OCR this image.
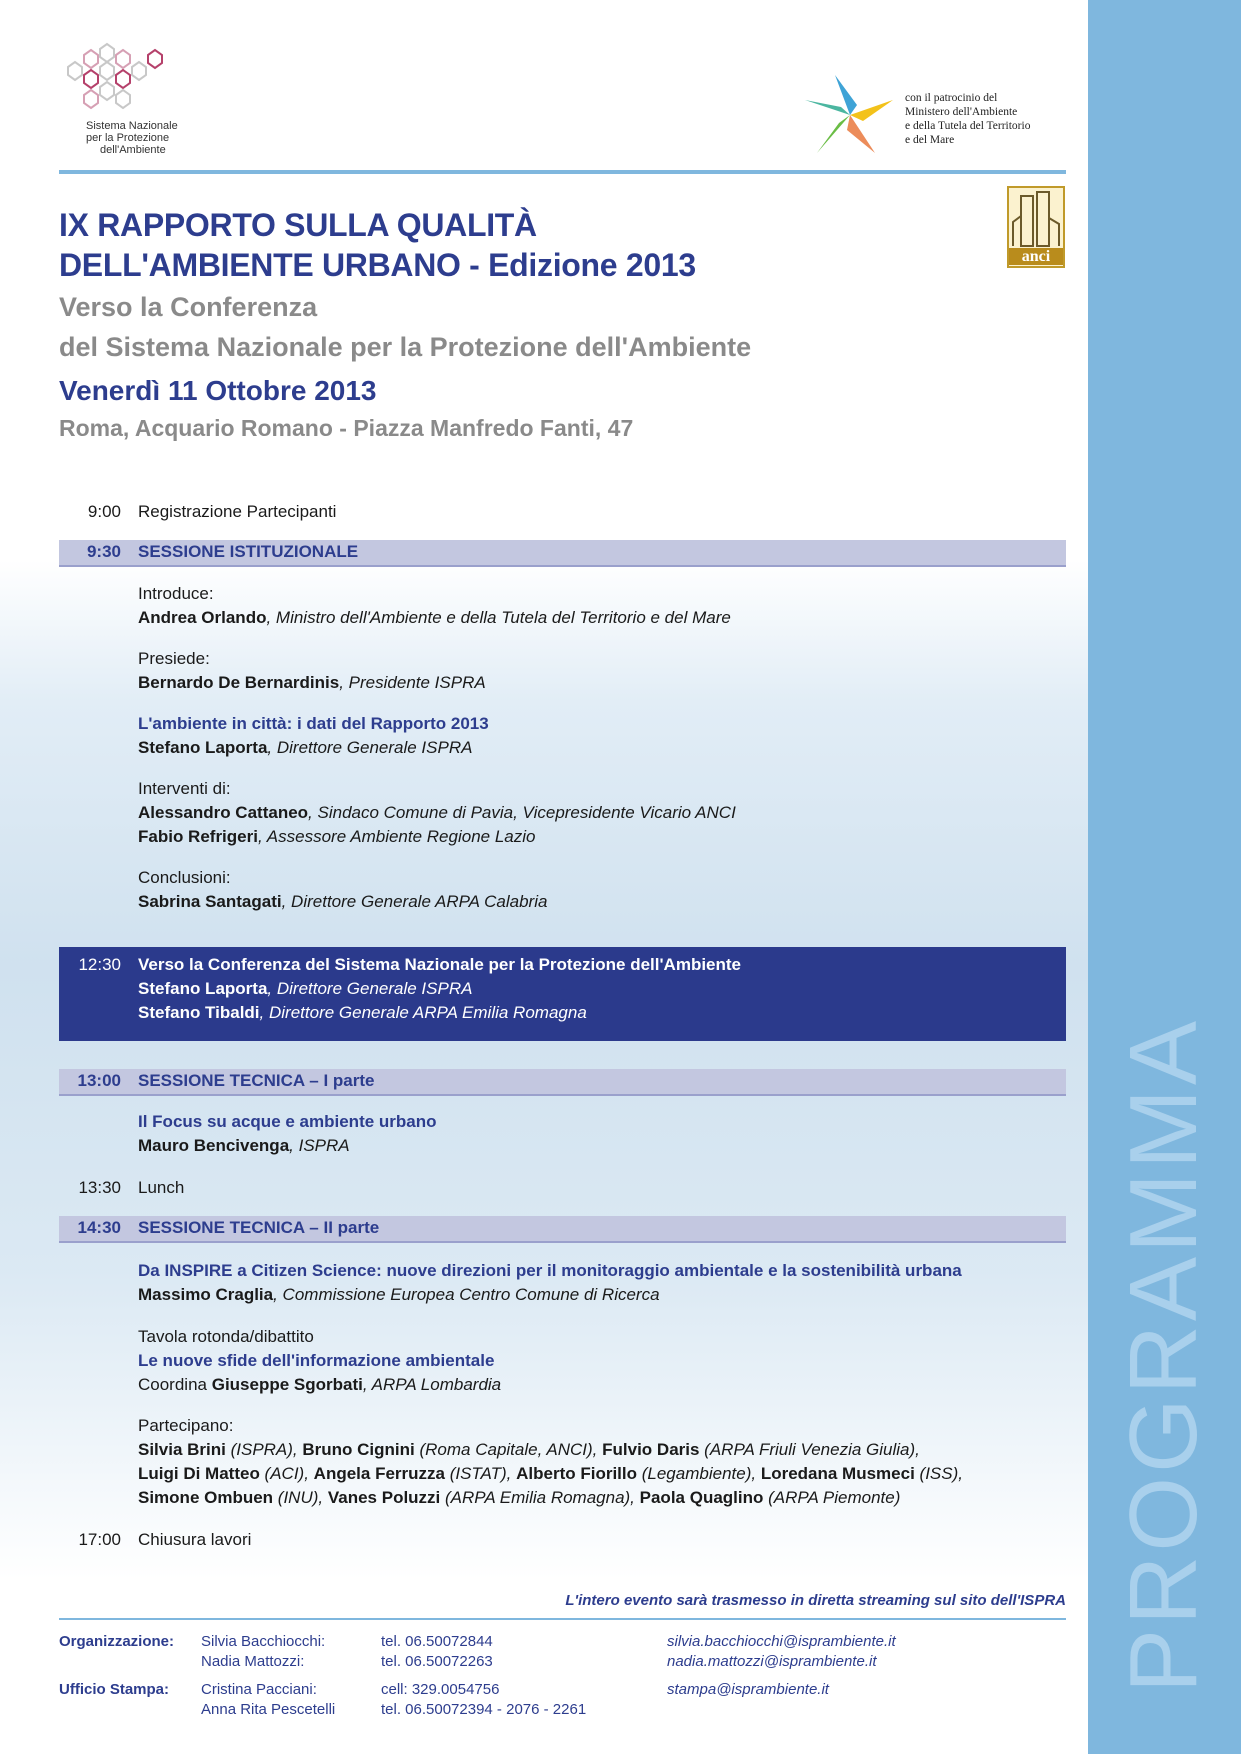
PROGRAMMA
Sistema Nazionale
per la Protezione
dell'Ambiente
con il patrocinio del
Ministero dell'Ambiente
e della Tutela del Territorio
e del Mare
anci
IX RAPPORTO SULLA QUALITÀ
DELL'AMBIENTE URBANO - Edizione 2013
Verso la Conferenza
del Sistema Nazionale per la Protezione dell'Ambiente
Venerdì 11 Ottobre 2013
Roma, Acquario Romano - Piazza Manfredo Fanti, 47
9:00 Registrazione Partecipanti
9:30 SESSIONE ISTITUZIONALE
Introduce:
Andrea Orlando, Ministro dell'Ambiente e della Tutela del Territorio e del Mare
Presiede:
Bernardo De Bernardinis, Presidente ISPRA
L'ambiente in città: i dati del Rapporto 2013
Stefano Laporta, Direttore Generale ISPRA
Interventi di:
Alessandro Cattaneo, Sindaco Comune di Pavia, Vicepresidente Vicario ANCI
Fabio Refrigeri, Assessore Ambiente Regione Lazio
Conclusioni:
Sabrina Santagati, Direttore Generale ARPA Calabria
12:30 Verso la Conferenza del Sistema Nazionale per la Protezione dell'Ambiente
Stefano Laporta, Direttore Generale ISPRA
Stefano Tibaldi, Direttore Generale ARPA Emilia Romagna
13:00 SESSIONE TECNICA – I parte
Il Focus su acque e ambiente urbano
Mauro Bencivenga, ISPRA
13:30 Lunch
14:30 SESSIONE TECNICA – II parte
Da INSPIRE a Citizen Science: nuove direzioni per il monitoraggio ambientale e la sostenibilità urbana
Massimo Craglia, Commissione Europea Centro Comune di Ricerca
Tavola rotonda/dibattito
Le nuove sfide dell'informazione ambientale
Coordina Giuseppe Sgorbati, ARPA Lombardia
Partecipano:
Silvia Brini (ISPRA), Bruno Cignini (Roma Capitale, ANCI), Fulvio Daris (ARPA Friuli Venezia Giulia),
Luigi Di Matteo (ACI), Angela Ferruzza (ISTAT), Alberto Fiorillo (Legambiente), Loredana Musmeci (ISS),
Simone Ombuen (INU), Vanes Poluzzi (ARPA Emilia Romagna), Paola Quaglino (ARPA Piemonte)
17:00 Chiusura lavori
L'intero evento sarà trasmesso in diretta streaming sul sito dell'ISPRA
Organizzazione: Silvia Bacchiocchi:
Nadia Mattozzi:
tel. 06.50072844
tel. 06.50072263
silvia.bacchiocchi@isprambiente.it
nadia.mattozzi@isprambiente.it
Ufficio Stampa: Cristina Pacciani:
Anna Rita Pescetelli
cell: 329.0054756
tel. 06.50072394 - 2076 - 2261
stampa@isprambiente.it
